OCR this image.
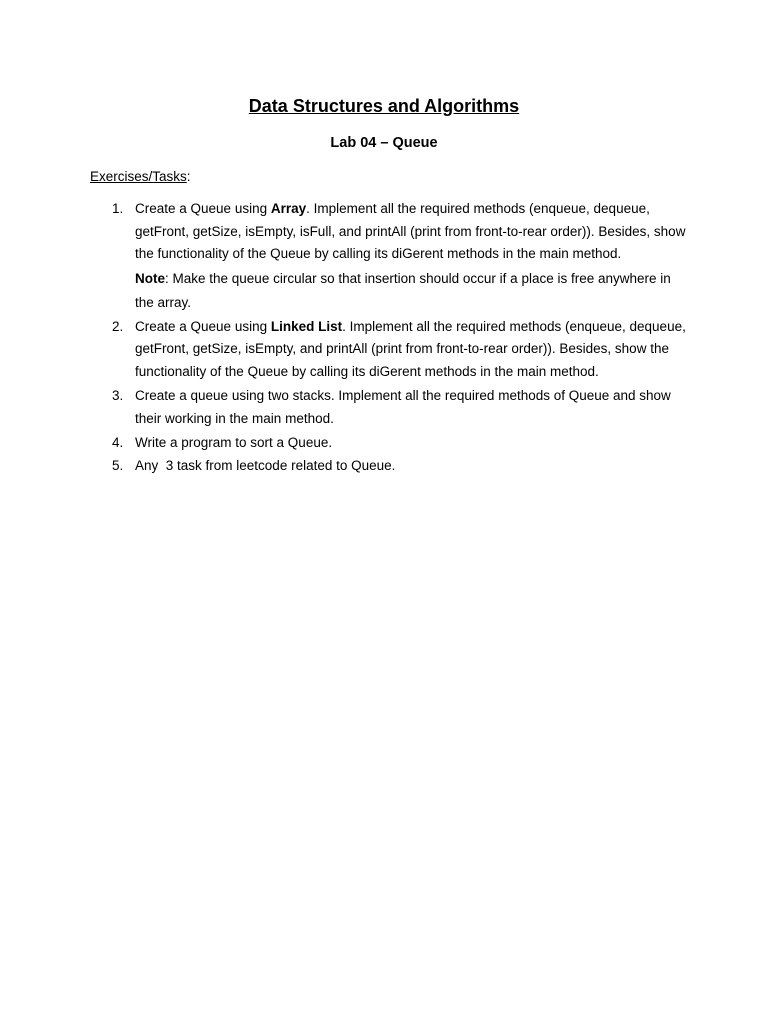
Data Structures and Algorithms
Lab 04 – Queue
Exercises/Tasks:
1. Create a Queue using Array. Implement all the required methods (enqueue, dequeue, getFront, getSize, isEmpty, isFull, and printAll (print from front-to-rear order)). Besides, show the functionality of the Queue by calling its diGerent methods in the main method.
Note: Make the queue circular so that insertion should occur if a place is free anywhere in the array.
2. Create a Queue using Linked List. Implement all the required methods (enqueue, dequeue, getFront, getSize, isEmpty, and printAll (print from front-to-rear order)). Besides, show the functionality of the Queue by calling its diGerent methods in the main method.
3. Create a queue using two stacks. Implement all the required methods of Queue and show their working in the main method.
4. Write a program to sort a Queue.
5. Any  3 task from leetcode related to Queue.
